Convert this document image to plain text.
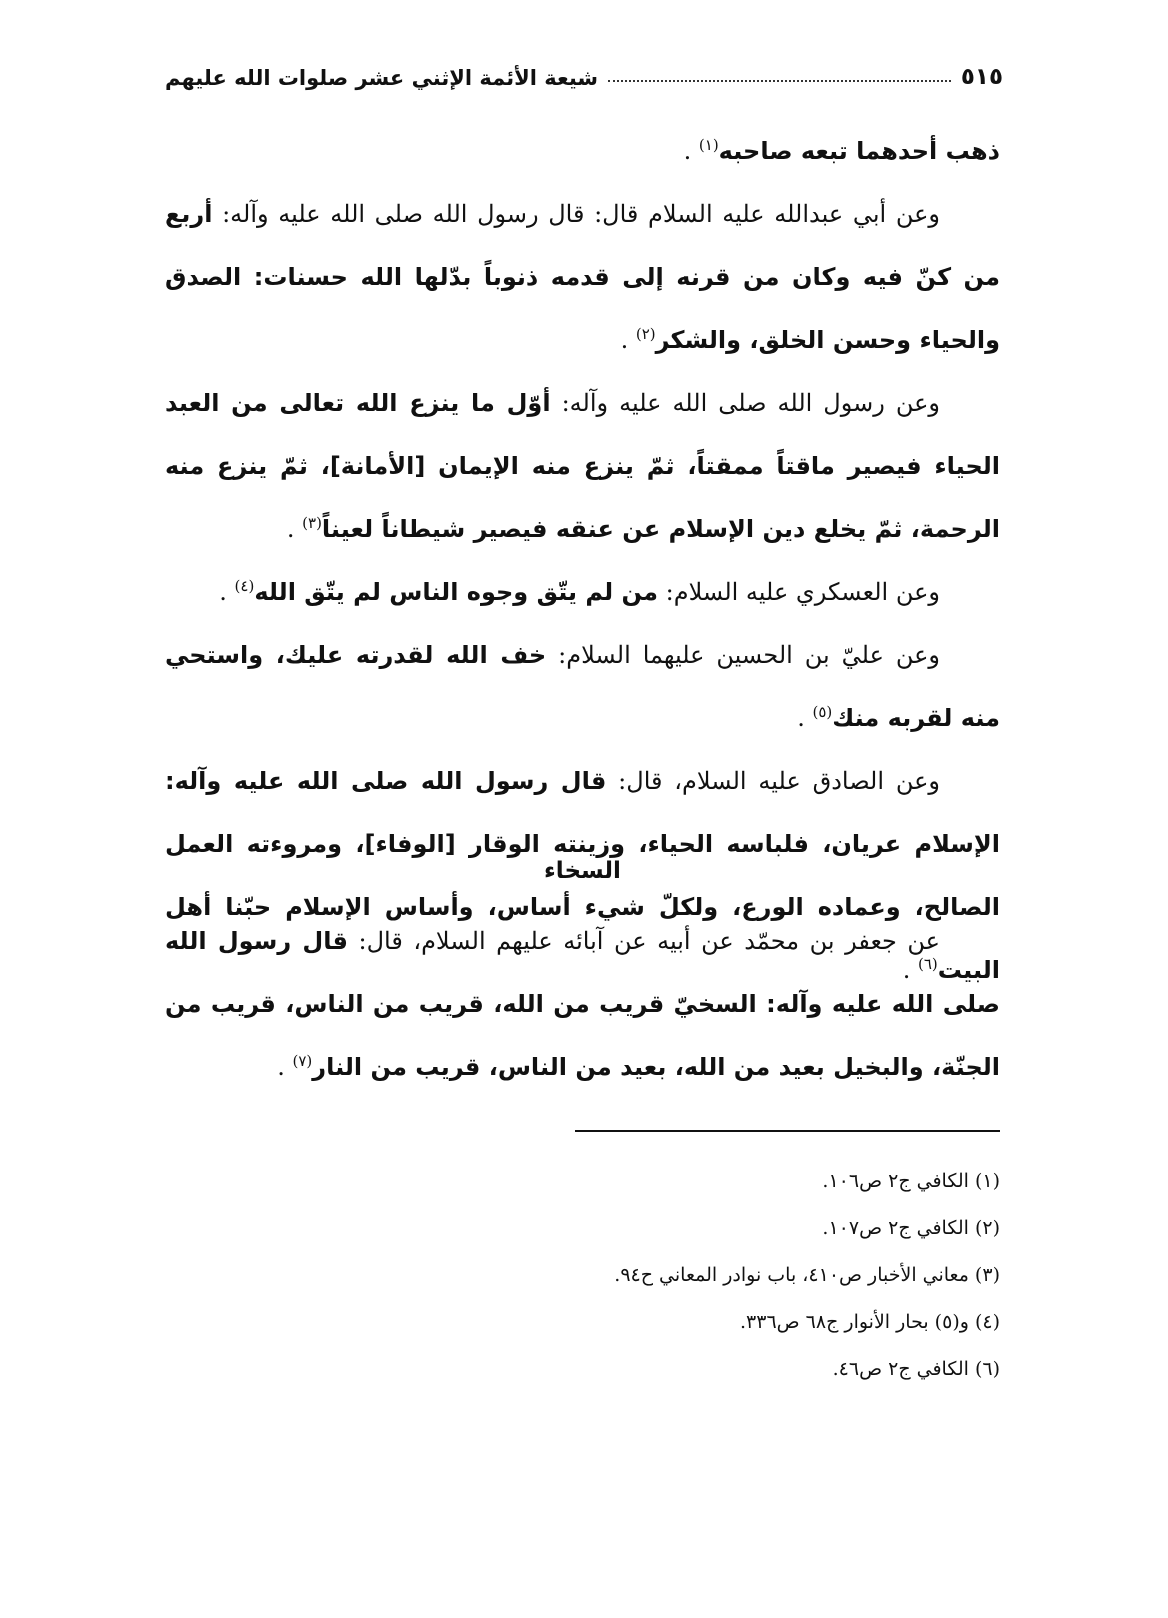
شيعة الأئمة الإثني عشر صلوات الله عليهم	٥١٥

ذهب أحدهما تبعه صاحبه$^{(١)}$ .

وعن أبي عبدالله عليه السلام قال: قال رسول الله صلى الله عليه وآله: أربع من كنّ فيه وكان من قرنه إلى قدمه ذنوباً بدّلها الله حسنات: الصدق والحياء وحسن الخلق، والشكر$^{(٢)}$ .

وعن رسول الله صلى الله عليه وآله: أوّل ما ينزع الله تعالى من العبد الحياء فيصير ماقتاً ممقتاً، ثمّ ينزع منه الإيمان [الأمانة]، ثمّ ينزع منه الرحمة، ثمّ يخلع دين الإسلام عن عنقه فيصير شيطاناً لعيناً$^{(٣)}$ .

وعن العسكري عليه السلام: من لم يتّق وجوه الناس لم يتّق الله$^{(٤)}$ .

وعن عليّ بن الحسين عليهما السلام: خف الله لقدرته عليك، واستحي منه لقربه منك$^{(٥)}$ .

وعن الصادق عليه السلام، قال: قال رسول الله صلى الله عليه وآله: الإسلام عريان، فلباسه الحياء، وزينته الوقار [الوفاء]، ومروءته العمل الصالح، وعماده الورع، ولكلّ شيء أساس، وأساس الإسلام حبّنا أهل البيت$^{(٦)}$ .

السخاء

عن جعفر بن محمّد عن أبيه عن آبائه عليهم السلام، قال: قال رسول الله صلى الله عليه وآله: السخيّ قريب من الله، قريب من الناس، قريب من الجنّة، والبخيل بعيد من الله، بعيد من الناس، قريب من النار$^{(٧)}$ .

(١) الكافي ج٢ ص١٠٦.
(٢) الكافي ج٢ ص١٠٧.
(٣) معاني الأخبار ص٤١٠، باب نوادر المعاني ح٩٤.
(٤) و(٥) بحار الأنوار ج٦٨ ص٣٣٦.
(٦) الكافي ج٢ ص٤٦.
